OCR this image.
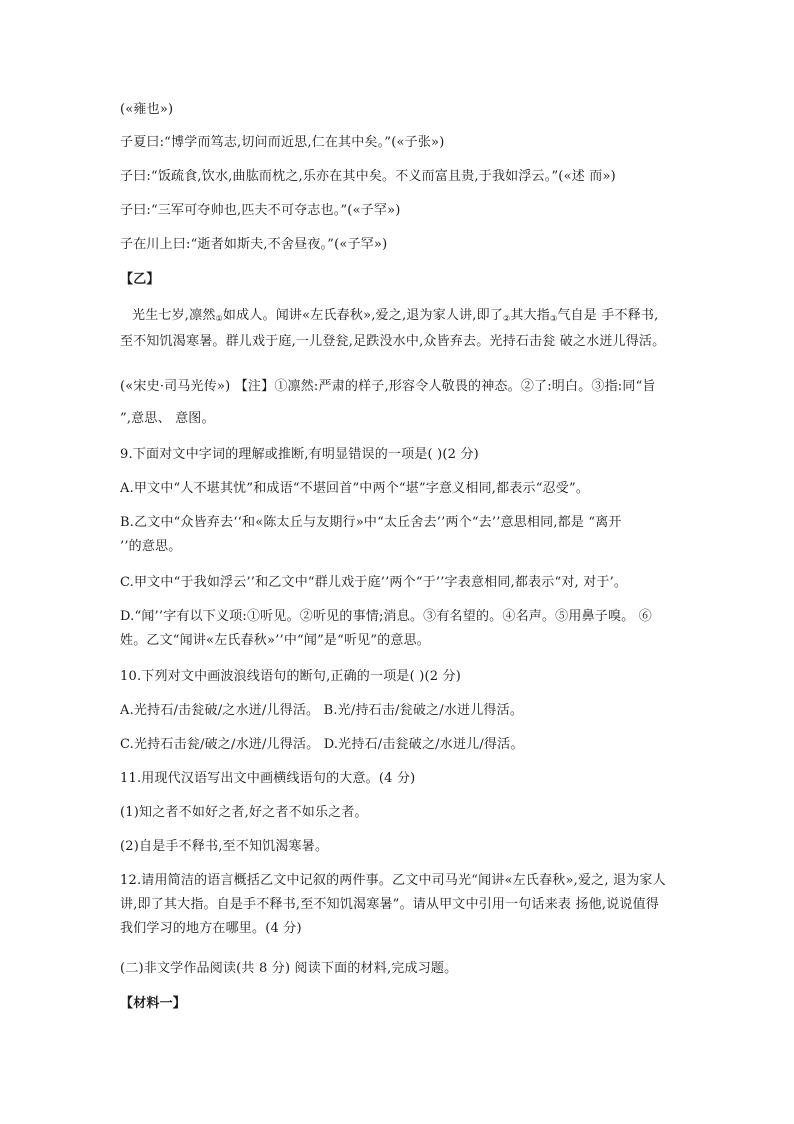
(«雍也»)
子夏曰:“博学而笃志,切问而近思,仁在其中矣。”(«子张»)
子曰:“饭疏食,饮水,曲肱而枕之,乐亦在其中矣。不义而富且贵,于我如浮云。”(«述 而»)
子曰:“三军可夺帅也,匹夫不可夺志也。”(«子罕»)
子在川上曰:“逝者如斯夫,不舍昼夜。”(«子罕»)
【乙】
光生七岁,凛然$_①$如成人。闻讲«左氏春秋»,爱之,退为家人讲,即了$_②$其大指$_③$气自是 手不释书,
至不知饥渴寒暑。群儿戏于庭,一儿登瓮,足跌没水中,众皆弃去。光持石击瓮 破之水迸儿得活。
(«宋史·司马光传») 【注】①凛然:严肃的样子,形容令人敬畏的神态。②了:明白。③指:同“旨
”,意思、 意图。
9.下面对文中字词的理解或推断,有明显错误的一项是( )(2 分)
A.甲文中“人不堪其忧”和成语“不堪回首”中两个“堪”字意义相同,都表示“忍受”。
B.乙文中“众皆弃去‘‘和«陈太丘与友期行»中“太丘舍去’’两个“去’’意思相同,都是 “离开
’’的意思。
C.甲文中“于我如浮云’’和乙文中“群儿戏于庭’’两个“于’’字表意相同,都表示“对, 对于’。
D.“闻’’字有以下义项:①听见。②听见的事情;消息。③有名望的。④名声。⑤用鼻子嗅。 ⑥
姓。乙文“闻讲«左氏春秋»’’中“闻”是“听见”的意思。
10.下列对文中画波浪线语句的断句,正确的一项是( )(2 分)
A.光持石/击瓮破/之水迸/儿得活。 B.光/持石击/瓮破之/水迸儿得活。
C.光持石击瓮/破之/水迸/儿得活。 D.光持石/击瓮破之/水迸儿/得活。
11.用现代汉语写出文中画横线语句的大意。(4 分)
(1)知之者不如好之者,好之者不如乐之者。
(2)自是手不释书,至不知饥渴寒暑。
12.请用简洁的语言概括乙文中记叙的两件事。乙文中司马光“闻讲«左氏春秋»,爱之, 退为家人
讲,即了其大指。自是手不释书,至不知饥渴寒暑”。请从甲文中引用一句话来表 扬他,说说值得
我们学习的地方在哪里。(4 分)
(二)非文学作品阅读(共 8 分) 阅读下面的材料,完成习题。
【材料一】
